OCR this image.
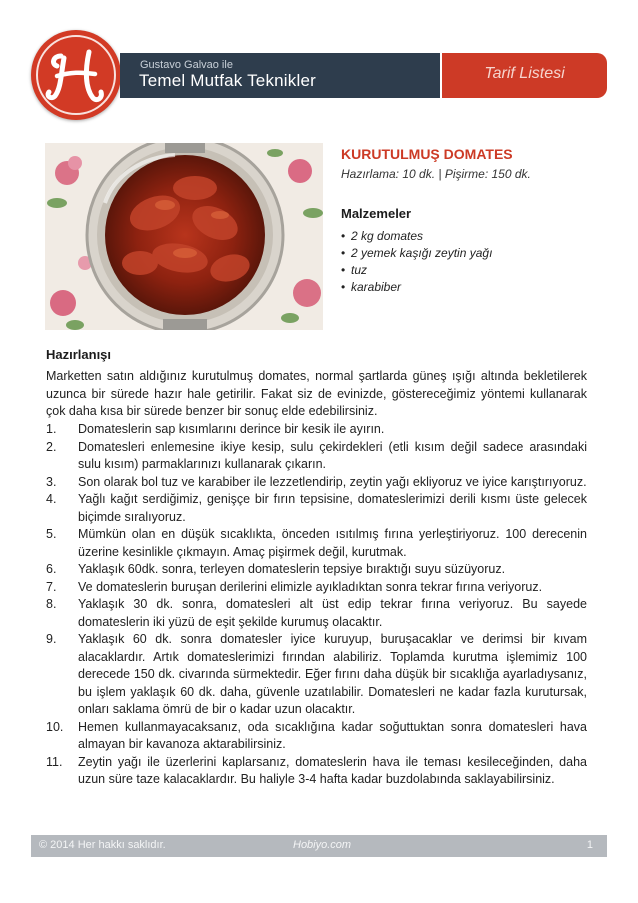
Gustavo Galvao ile
Temel Mutfak Teknikler	Tarif Listesi
KURUTULMUŞ DOMATES
Hazırlama: 10 dk. | Pişirme: 150 dk.
Malzemeler
• 2 kg domates
• 2 yemek kaşığı zeytin yağı
• tuz
• karabiber
Hazırlanışı

Marketten satın aldığınız kurutulmuş domates, normal şartlarda güneş ışığı altında bekletilerek uzunca bir sürede hazır hale getirilir. Fakat siz de evinizde, göstereceğimiz yöntemi kullanarak çok daha kısa bir sürede benzer bir sonuç elde edebilirsiniz.

1.	Domateslerin sap kısımlarını derince bir kesik ile ayırın.
2.	Domatesleri enlemesine ikiye kesip, sulu çekirdekleri (etli kısım değil sadece arasındaki sulu kısım) parmaklarınızı kullanarak çıkarın.
3.	Son olarak bol tuz ve karabiber ile lezzetlendirip, zeytin yağı ekliyoruz ve iyice karıştırıyoruz.
4.	Yağlı kağıt serdiğimiz, genişçe bir fırın tepsisine, domateslerimizi derili kısmı üste gelecek biçimde sıralıyoruz.
5.	Mümkün olan en düşük sıcaklıkta, önceden ısıtılmış fırına yerleştiriyoruz. 100 derecenin üzerine kesinlikle çıkmayın. Amaç pişirmek değil, kurutmak.
6.	Yaklaşık 60dk. sonra, terleyen domateslerin tepsiye bıraktığı suyu süzüyoruz.
7.	Ve domateslerin buruşan derilerini elimizle ayıkladıktan sonra tekrar fırına veriyoruz.
8.	Yaklaşık 30 dk. sonra, domatesleri alt üst edip tekrar fırına veriyoruz. Bu sayede domateslerin iki yüzü de eşit şekilde kurumuş olacaktır.
9.	Yaklaşık 60 dk. sonra domatesler iyice kuruyup, buruşacaklar ve derimsi bir kıvam alacaklardır. Artık domateslerimizi fırından alabiliriz. Toplamda kurutma işlemimiz 100 derecede 150 dk. civarında sürmektedir. Eğer fırını daha düşük bir sıcaklığa ayarladıysanız, bu işlem yaklaşık 60 dk. daha, güvenle uzatılabilir. Domatesleri ne kadar fazla kurutursak, onları saklama ömrü de bir o kadar uzun olacaktır.
10.	Hemen kullanmayacaksanız, oda sıcaklığına kadar soğuttuktan sonra domatesleri hava almayan bir kavanoza aktarabilirsiniz.
11.	Zeytin yağı ile üzerlerini kaplarsanız, domateslerin hava ile teması kesileceğinden, daha uzun süre taze kalacaklardır. Bu haliyle 3-4 hafta kadar buzdolabında saklayabilirsiniz.
© 2014 Her hakkı saklıdır.	Hobiyo.com	1
